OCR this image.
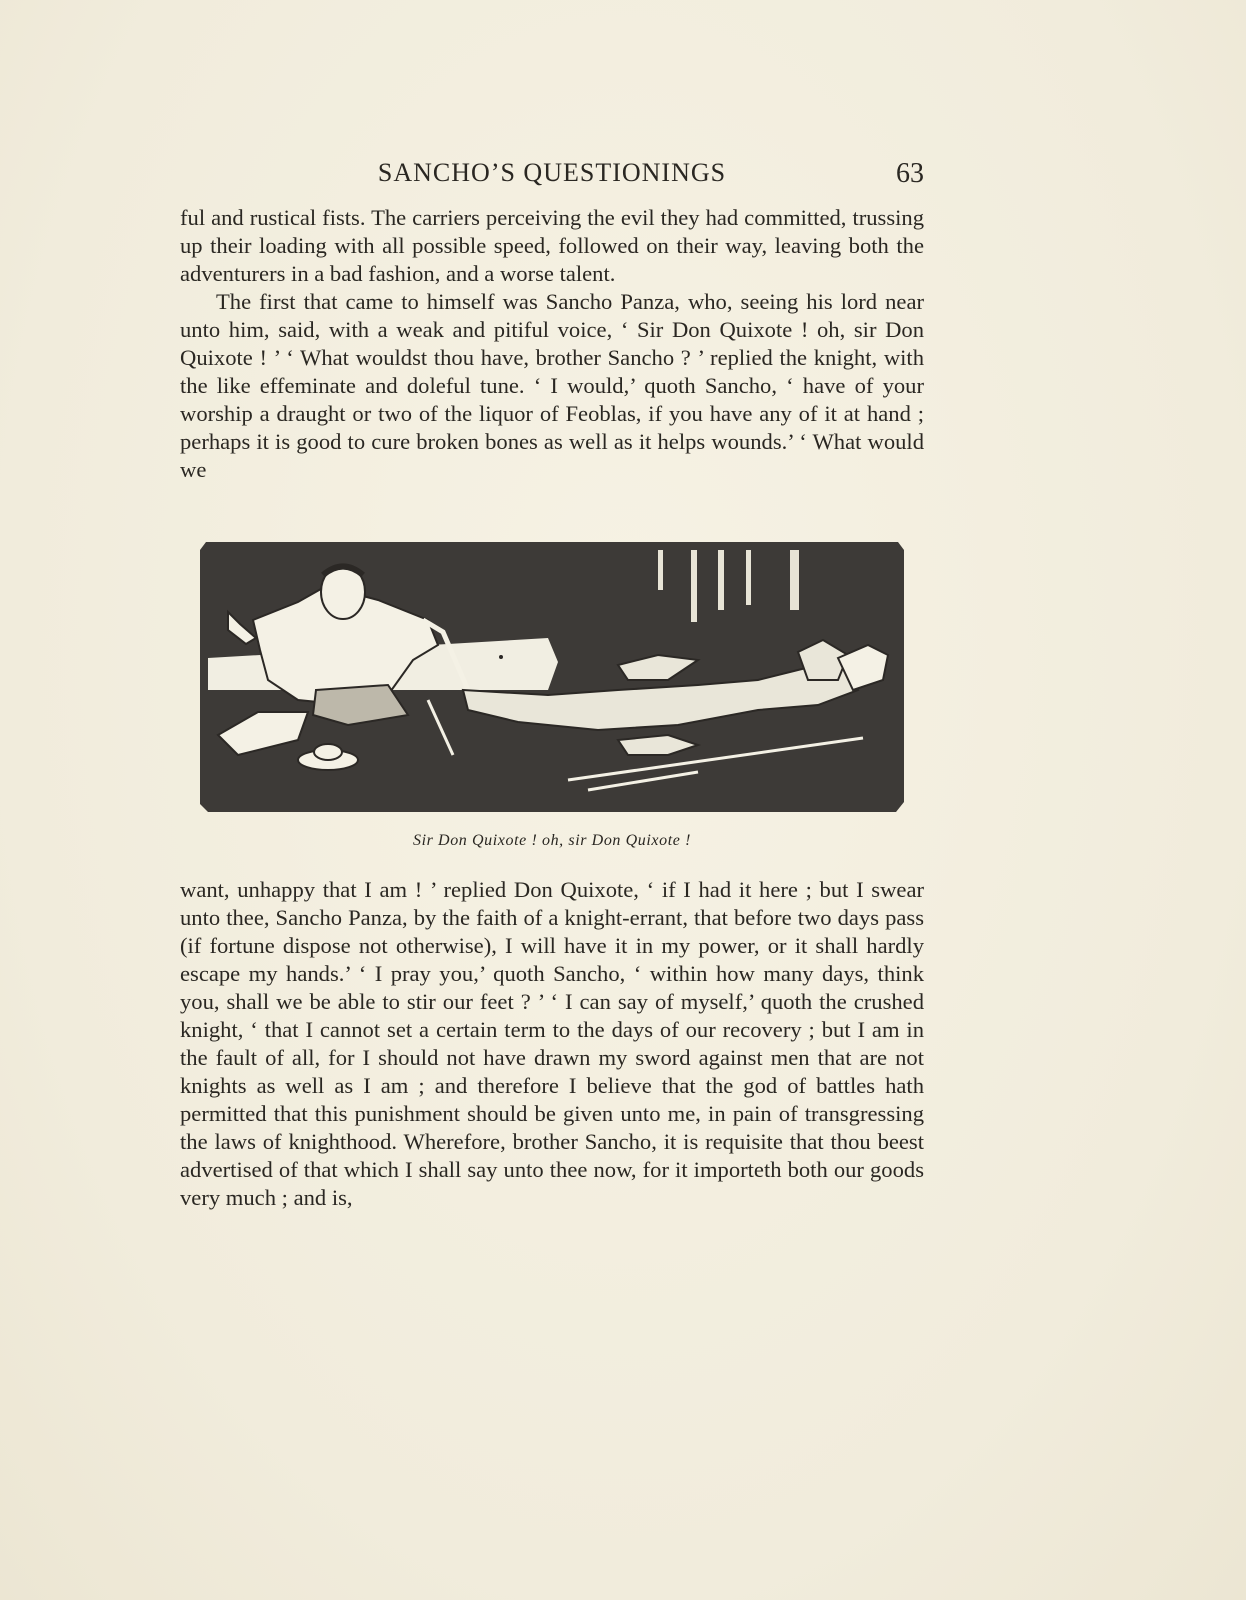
SANCHO’S QUESTIONINGS	63

ful and rustical fists. The carriers perceiving the evil they had committed, trussing up their loading with all possible speed, followed on their way, leaving both the adventurers in a bad fashion, and a worse talent.

The first that came to himself was Sancho Panza, who, seeing his lord near unto him, said, with a weak and pitiful voice, ‘ Sir Don Quixote ! oh, sir Don Quixote ! ’ ‘ What wouldst thou have, brother Sancho ? ’ replied the knight, with the like effeminate and doleful tune. ‘ I would,’ quoth Sancho, ‘ have of your worship a draught or two of the liquor of Feoblas, if you have any of it at hand ; perhaps it is good to cure broken bones as well as it helps wounds.’ ‘ What would we

Sir Don Quixote ! oh, sir Don Quixote !

want, unhappy that I am ! ’ replied Don Quixote, ‘ if I had it here ; but I swear unto thee, Sancho Panza, by the faith of a knight-errant, that before two days pass (if fortune dispose not otherwise), I will have it in my power, or it shall hardly escape my hands.’ ‘ I pray you,’ quoth Sancho, ‘ within how many days, think you, shall we be able to stir our feet ? ’ ‘ I can say of myself,’ quoth the crushed knight, ‘ that I cannot set a certain term to the days of our recovery ; but I am in the fault of all, for I should not have drawn my sword against men that are not knights as well as I am ; and therefore I believe that the god of battles hath permitted that this punishment should be given unto me, in pain of transgressing the laws of knighthood. Wherefore, brother Sancho, it is requisite that thou beest advertised of that which I shall say unto thee now, for it importeth both our goods very much ; and is,
